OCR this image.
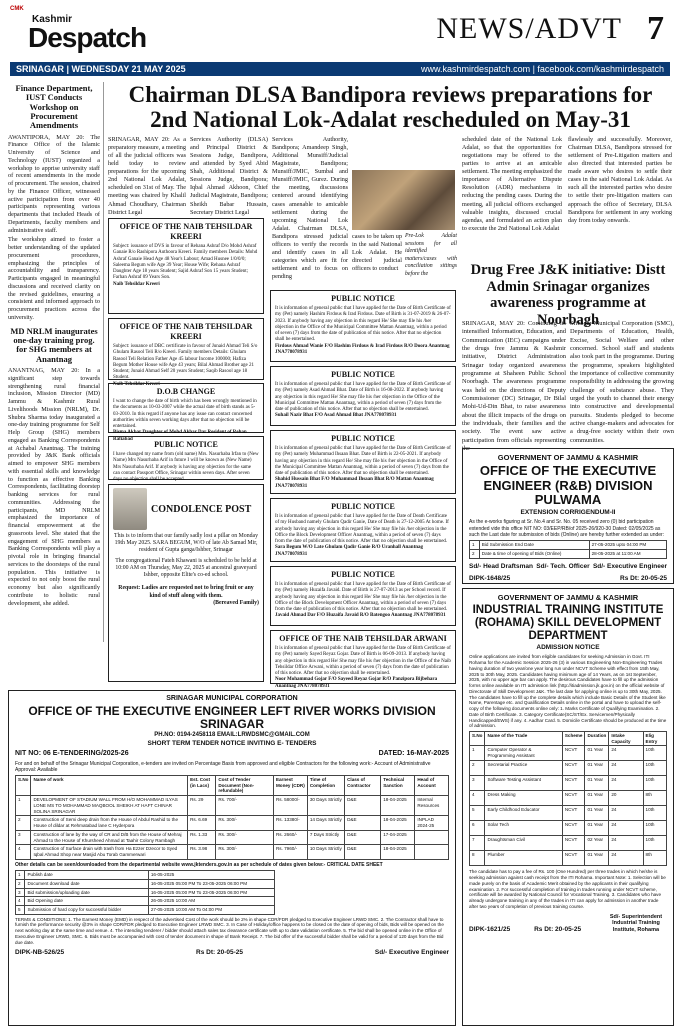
CMK
Kashmir
Despatch	NEWS/ADVT 7
SRINAGAR | WEDNESDAY 21 MAY 2025	www.kashmirdespatch.com | facebook.com/kashmirdespatch
Finance Department, IUST Conducts Workshop on Procurement Amendments

AWANTIPORA, MAY 20: The Finance Office of the Islamic University of Science and Technology (IUST) organized a workshop to apprise university staff of recent amendments in the mode of procurement. The session, chaired by the Finance Officer, witnessed active participation from over 40 participants representing various departments that included Heads of Departments, faculty members and administrative staff.

The workshop aimed to foster a better understanding of the updated procurement procedures, emphasizing the principles of accountability and transparency. Participants engaged in meaningful discussions and received clarity on the revised guidelines, ensuring a consistent and informed approach to procurement practices across the university.

MD NRLM inaugurates one-day training prog. for SHG members at Anantnag

ANANTNAG, MAY 20: In a significant step towards strengthening rural financial inclusion, Mission Director (MD) Jammu & Kashmir Rural Livelihoods Mission (NRLM), Dr. Shubra Sharma today inaugurated a one-day training programme for Self Help Group (SHG) members engaged as Banking Correspondents at Achabal Anantnag. The training provided by J&K Bank officials aimed to empower SHG members with essential skills and knowledge to function as effective Banking Correspondents, facilitating doorstep banking services for rural communities. Addressing the participants, MD NRLM emphasized the importance of financial empowerment at the grassroots level. She stated that the engagement of SHG members as Banking Correspondents will play a pivotal role in bringing financial services to the doorsteps of the rural population. This initiative is expected to not only boost the rural economy but also significantly contribute to holistic rural development, she added.

Chairman DLSA Bandipora reviews preparations for 2nd National Lok-Adalat rescheduled on May-31
SRINAGAR, MAY 20: As a preparatory measure, a meeting of all the judicial officers was held today to review preparations for the upcoming 2nd National Lok Adalat, scheduled on 31st of May. The meeting was chaired by Khalil Ahmad Choudhary, Chairman District Legal
Services Authority (DLSA) and Principal District & Sessions Judge, Bandipora, and attended by Syed Abid Shah, Additional District & Sessions Judge, Bandipora; Iqbal Ahmad Akhoon, Chief Judicial Magistrate, Bandipora; Sheikh Babar Hussain, Secretary District Legal
Services Authority, Bandipora; Amandeep Singh, Additional Munsiff/Judicial Magistrate, Bandipora; Munsiff/JMIC, Sumbal and Munsiff/JMIC, Gurez. During the meeting, discussions centered around identifying cases amenable to amicable settlement during the upcoming National Lok Adalat. Chairman DLSA, Bandipora stressed judicial officers to verify the records and identify cases in all categories which are fit for settlement and to focus on pending
cases to be taken up in the said National Lok Adalat. He directed judicial officers to conduct
Pre-Lok Adalat sessions for all identified matters/cases with conciliation sittings before the
scheduled date of the National Lok Adalat, so that the opportunities for negotiations may be offered to the parties to arrive at an amicable settlement. The meeting emphasized the importance of Alternative Dispute Resolution (ADR) mechanisms in reducing the pending cases. During the meeting, all judicial officers exchanged valuable insights, discussed crucial agendas, and formulated an action plan to execute the 2nd National Lok Adalat
flawlessly and successfully. Moreover, Chairman DLSA, Bandipora stressed for settlement of Pre-Litigation matters and also directed that interested parties be made aware who desires to settle their cases in the said National Lok Adalat. As such all the interested parties who desire to settle their pre-litigation matters can approach the office of Secretary, DLSA Bandipora for settlement in any working day from today onwards.
OFFICE OF THE NAIB TEHSILDAR KREERI
Subject: issuance of DVS in favour of Rehana Ashraf D/o Mohd Ashraf Ganaie R/o Rashipora Authoora Kreeri. Family members Details: Mohd Ashraf Ganaie Head Age 48 Year's Labour; Amad Husnee 1/0/0/0; Saleema Begum wife Age 39 Year; House Wife; Rehana Ashraf Daughter Age 18 years Student; Sajid Ashraf Son 15 years Student; Farhan Ashraf 09 Years Son.
Naib Tehsildar Kreeri
OFFICE OF THE NAIB TEHSILDAR KREERI
Subject: issuance of DBC certificate in favour of Junaid Ahmad Teli S/o Ghulam Rasool Teli R/o Kreeri. Family members Details: Ghulam Rasool Teli Relation Father Age 45 labour Income 100000; Hafiza Begum Mother House wife Age 43 years; Bilal Ahmad Brother age 21 Student; Junaid Ahmad Self 20 years Student; Saqib Rasool age 18 Student.
Naib Tehsildar Kreeri
D.O.B CHANGE
I want to change the date of birth which has been wrongly mentioned in the documents as 10-03-2007 while the actual date of birth stands as 5-03-2010. In this regard if anyone has any issue can contact concerned authorities within seven working days after that no objection will be entertained.
Bisma Akbar Daughter of Mohd Akbar Dar Resident of Rehan Rafiabad
PUBLIC NOTICE
I have changed my name from (old name) Mrs. Nasurhaba Irfan to (New Name) Mrs Nasurhaba Arif in future I will be known as (New Name) Mrs Nasurhaba Arif. If anybody is having any objection for the same can contact Passport Office, Srinagar within seven days. After seven days no objection shall be accepted.
CONDOLENCE POST
This is to inform that our family sadly lost a pillar on Monday 19th May 2025. SARA BEGUM, W/O of late Ab Samad Mir, resident of Gupta ganga/Ishber, Srinagar
The congregational Fateh Khawani is scheduled to be held at 10:00 AM on Thursday, May 22, 2025 at ancestral graveyard Ishber, opposite Elite's co-ed school.
Request: Ladies are requested not to bring fruit or any kind of stuff along with them.
(Bereaved Family)
PUBLIC NOTICE
It is information of general public that I have applied for the Date of Birth Certificate of my (Pet) namely Hashim Firdous & Irad Firdous. Date of Birth is 31-07-2019 & 26-07-2023. If anybody having any objection in this regard He/ She may file his /her objection in the Office of the Municipal Committee Mattan Anantnag, within a period of seven (7) days from the date of publication of this notice. After that no objection shall be entertained.
Firdous Ahmad Wanie F/O Hashim Firdous & Irad Firdous R/O Doora Anantnag JNA778078931
PUBLIC NOTICE
It is information of general public that I have applied for the Date of Birth Certificate of my (Pet) namely Asad Ahmad Bhat. Date of Birth is 16-08-2022. If anybody having any objection in this regard He/ She may file his /her objection in the Office of the Municipal Committee Mattan Anantnag, within a period of seven (7) days from the date of publication of this notice. After that no objection shall be entertained.
Suhail Nazir Bhat F/O Asad Ahmad Bhat JNA778078931
PUBLIC NOTICE
It is information of general public that I have applied for the Date of Birth Certificate of my (Pet) namely Muhammad Ihsaan Bhat. Date of Birth is 22-05-2021. If anybody having any objection in this regard He/ She may file his /her objection in the Office of the Municipal Committee Mattan Anantnag, within a period of seven (7) days from the date of publication of this notice. After that no objection shall be entertained.
Shahid Hussain Bhat F/O Muhammad Ihsaan Bhat R/O Mattan Anantnag JNA778078931
PUBLIC NOTICE
It is information of general public that I have applied for the Date of Death Certificate of my Husband namely Ghulam Qadir Ganie, Date of Death is 27-12-2005 At home. If anybody having any objection in this regard He/ She may file his /her objection in the Office the Block Development Officer Anantnag, within a period of seven (7) days from the date of publication of this notice. After that no objection shall be entertained.
Sara Begum W/O Late Ghulam Qadir Ganie R/O Uranhall Anantnag JNA778078931
PUBLIC NOTICE
It is information of general public that I have applied for the Date of Birth Certificate of my (Pet) namely Huzaifa Javaid. Date of Birth is 27-07-2013 as per School record. If anybody having any objection in this regard He/ She may file his /her objection in the Office of the Block Development Officer Anantnag, within a period of seven (7) days from the date of publication of this notice. After that no objection shall be entertained.
Javaid Ahmad Dar F/O Huzaifa Javaid R/O Batengoo Anantnag JNA778078931
OFFICE OF THE NAIB TEHSILDAR ARWANI
It is information of general public that I have applied for the Date of Birth Certificate of my (Pet) namely Sayed Reyaz Gojar. Date of Birth is 06-09-2013. If anybody having any objection in this regard He/ She may file his /her objection in the Office of the Naib Tehsildar Office Arwani, within a period of seven (7) days from the date of publication of this notice. After that no objection shall be entertained.
Noor Mohammad Gojar F/O Sayeed Reyaz Gojar R/O Panzipora Bijbehara Anantnag JNA778078931
Drug Free J&K initiative: Distt Admin Srinagar organizes awareness programme at Noorbagh
SRINAGAR, MAY 20: Continuing its intensified Information, Education, and Communication (IEC) campaigns under the drugs free Jammu & Kashmir initiative, District Administration Srinagar today organized awareness programme at Shaheen Public School Noorbagh. The awareness programme was held on the directions of Deputy Commissioner (DC) Srinagar, Dr Bilal Mohi-Ud-Din Bhat, to raise awareness about the illicit impacts of the drugs on the individuals, their families and the society. The event saw active participation from officials representing the
Srinagar Municipal Corporation (SMC), Departments of Education, Health, Excise, Social Welfare and other concerned. School staff and students also took part in the programme. During the programme, speakers highlighted the importance of collective community responsibility in addressing the growing challenge of substance abuse. They urged the youth to channel their energy into constructive and developmental pursuits. Students pledged to become active change-makers and advocates for a drug-free society within their own communities.
GOVERNMENT OF JAMMU & KASHMIR
OFFICE OF THE EXECUTIVE ENGINEER (R&B) DIVISION PULWAMA
EXTENSION CORRIGENDUM-II
As the e-works figuring at Sr. No.4 and Sr. No. 05 received zero (0) bid participation extended vide this office NIT NO: 03/EEP/RB/of 2025-26/920-30 Dated: 02/05/2025 as such the Last date for submission of bids (Online) are hereby further extended as under:
1	Bid Submission End Date	27-05-2025 upto 04:00 PM
2	Date & time of opening of Bids (Online)	28-05-2025 at 11:00 AM
Sd/- Head Draftsman Sd/- Tech. Officer Sd/- Executive Engineer
DIPK-1648/25	Rs Dt: 20-05-25
GOVERNMENT OF JAMMU & KASHMIR
INDUSTRIAL TRAINING INSTITUTE (ROHAMA) SKILL DEVELOPMENT DEPARTMENT
ADMISSION NOTICE
Online applications are invited from eligible candidates for seeking Admission in Govt. ITI Rohama for the Academic Session 2025-26 (3) in various Engineering Non-Engineering Trades having duration of two year/one year long run under NCVT Scheme with effect from 15th May, 2025 to 30th May, 2025. Candidates having minimum age of 14 Years, as on 1st September, 2025, with no upper age bar can apply. The desirous Candidates have to fill up the admission forms online available on ITI admission link (http://itiadmission.jk.gov.in) on the official website of Directorate of Skill Development J&K. The last date for applying online is up to 30th May, 2025. The candidates have to fill up the complete details which include Basic Details of the Student like Name, Parentage etc. and Qualification Details online in the portal and have to upload the self-copy of the following documents online only: 1. Marks Certificate of Qualifying Examination. 2. Date of Birth Certificate. 3. Category Certificate(SC/ST/Ex. Servicemen/Physically Handicapped/EWS) if any. 4. Aadhar Card. 5. Domicile Certificate should be produced at the time of admission.
S.No	Name of the Trade	Scheme	Duration	Intake Capacity	Elig Entry
1	Computer Operator & Programming Assistant	NCVT	01 Year	24	10th
2	Secretarial Practice	NCVT	01 Year	24	10th
3	Software Testing Assistant	NCVT	01 Year	24	10th
4	Dress Making	NCVT	01 Year	20	8th
5	Early Childhood Educator	NCVT	01 Year	24	10th
6	Solar Tech	NCVT	01 Year	24	10th
7	Draughtsman Civil	NCVT	02 Year	24	10th
8	Plumber	NCVT	01 Year	24	8th
The candidate has to pay a fee of Rs. 100 (One Hundred) per three trades in which he/she is seeking admission against cash receipt from the ITI Rohama. Important Note: 1. Selection will be made purely on the basis of Academic Merit obtained by the applicants in their qualifying examination. 2. For successful completion of training in trades running under NCVT scheme, certificate will be awarded by National Council for Vocational Training. 3. Candidates who have already undergone training in any of the trades in ITI can apply for admission in another trade after two years of completion of previous training course.
DIPK-1621/25	Rs Dt: 20-05-25
Sd/- Superintendent Industrial Training Institute, Rohama
SRINAGAR MUNICIPAL CORPORATION
OFFICE OF THE EXECUTIVE ENGINEER LEFT RIVER WORKS DIVISION SRINAGAR
PH.NO: 0194-2458118 EMAIL:LRWDSMC@GMAIL.COM
SHORT TERM TENDER NOTICE INVITING E- TENDERS
NIT NO: 06 E-TENDERING/2025-26	DATED: 16-MAY-2025
For and on behalf of the Srinagar Municipal Corporation, e-tenders are invited on Percentage Basis from approved and eligible Contractors for the following work:- Account of Administrative Approval: Available
S.No	Name of work	Est. Cost (in Lacs)	Cost of Tender Document (Non-refundable)	Earnest Money (CDR)	Time of Completion	Class of Contractor	Technical Sanction	Head of Account
1	DEVELOPMENT OF STADIUM WALL FROM H/O MOHAMMAD ILYAS LONE MS TO MOHAMMAD MAQBOOL SHEIKH AT HAFT CHINAR SOLINA SRINAGAR	Rs. 29	Rs. 700/-	Rs. 58000/-	30 Days Strictly	D&E	18-04-2025	Internal Resources
2	Construction of Semi deep drain from the House of Abdul Rashid to the House of dildar at Rehmatabad lane C Hyderpora	Rs. 6.69	Rs. 300/-	Rs. 13380/-	14 Days Strictly	D&E	18-04-2025	INPLAD 2024-25
3	Construction of lane by the way of CR and D/B from the House of Mehraj Ahmad to the House of Khursheed Ahmad at Taahir Colony Rambagh	Rs. 1.33	Rs. 300/-	Rs. 2660/-	7 Days Strictly	D&E	17-04-2025	
4	Construction of Surface drain with trash from Ha Ezzer Dzecor to Syed Iqbal Ahmad Shop near Masjid Abu Torab Gammerwari	Rs. 3.98	Rs. 300/-	Rs. 7960/-	10 Days Strictly	D&E	18-04-2025	
Other details can be seen/downloaded from the departmental website www.jktenders.gov.in as per schedule of dates given below:- CRITICAL DATE SHEET
1	Publish date	16-05-2025
2	Document download date	16-05-2025 05:00 PM To 23-05-2025 06:00 PM
3	Bid submission/uploading date	16-05-2025 05:00 PM To 23-05-2025 06:00 PM
4	Bid Opening date	26-05-2025 10:00 AM
5	Submission of hard copy for successful bidder	27-05-2025 10:00 AM To 04:00 PM
TERMS & CONDITIONS: 1. The Earnest Money (EMD) in respect of the advertised Cost of the work should be 2% in shape CDR/FDR pledged to Executive Engineer LRWD SMC. 2. The Contractor shall have to furnish the performance security @3% in shape CDR/FDR pledged to Executive Engineer LRWD SMC. 3. In Case of Holiday/office happens to be closed on the date of opening of bids, Bids will be opened on the next working day at the same time and venue. 4. The intending tenderer / bidder should attach sales tax clearance certificate with up to date validation certificate. 5. The bid shall be opened online in the Office of Executive Engineer LRWD, SMC. 6. Bids must be accompanied with cost of tender document in shape of Bank Receipt. 7. The bid offer of the successful bidder shall be valid for a period of 120 days from the Bid due date.
DIPK-NB-526/25	Rs Dt: 20-05-25	Sd/- Executive Engineer
